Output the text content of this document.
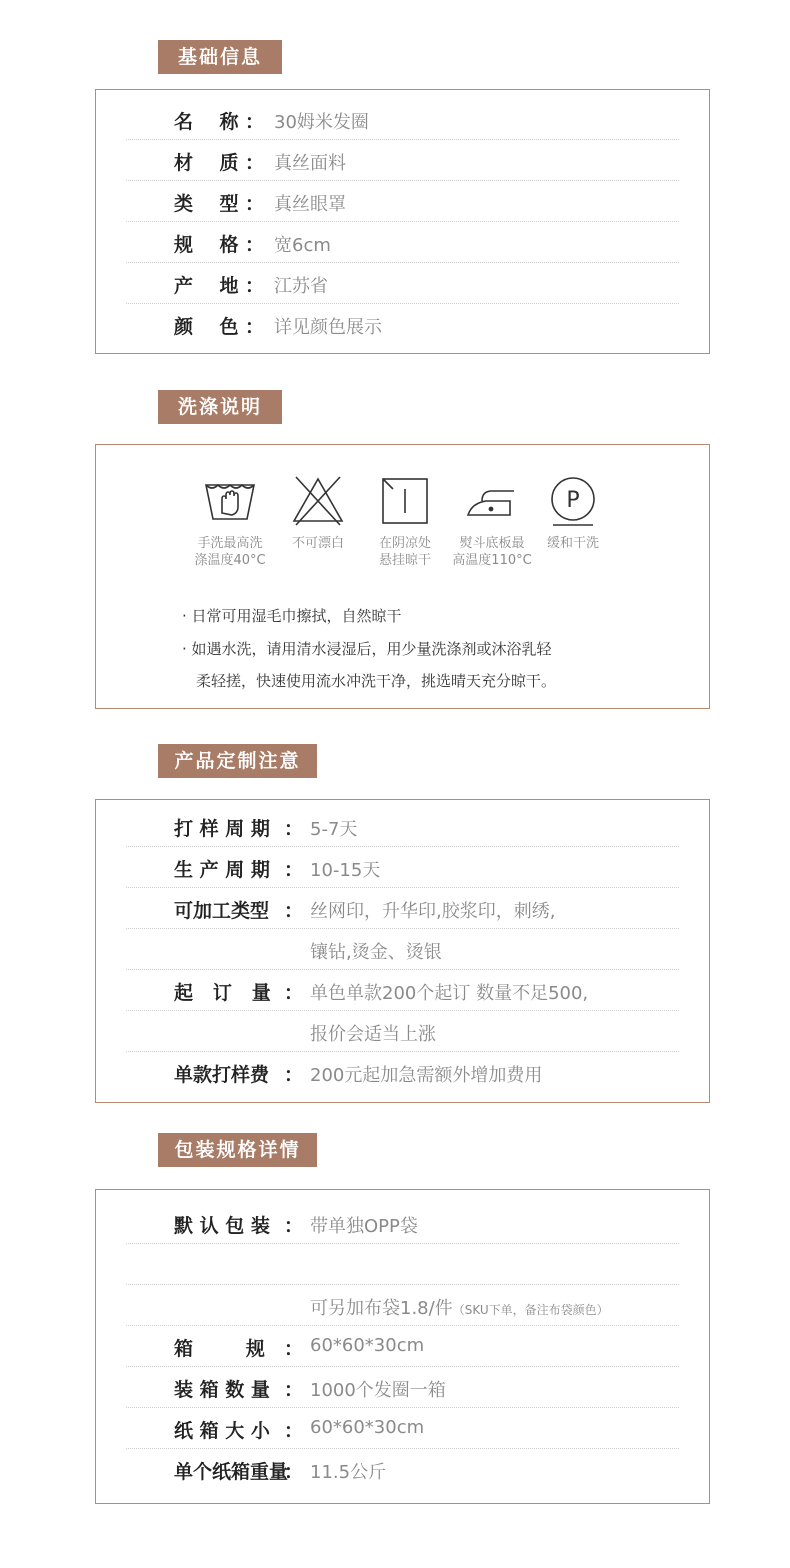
基础信息
名    称 ： 30姆米发圈
材    质 ： 真丝面料
类    型 ： 真丝眼罩
规    格 ： 宽6cm
产    地 ： 江苏省
颜    色 ： 详见颜色展示
洗涤说明
手洗最高洗
涤温度40°C
不可漂白	在阴凉处
悬挂晾干
熨斗底板最
高温度110°C
P
缓和干洗
· 日常可用湿毛巾擦拭，自然晾干
· 如遇水洗，请用清水浸湿后，用少量洗涤剂或沐浴乳轻
柔轻搓，快速使用流水冲洗干净，挑选晴天充分晾干。
产品定制注意
打 样 周 期 ： 5-7天
生 产 周 期 ： 10-15天
可加工类型 ： 丝网印，升华印,胶浆印，刺绣,
镶钻,烫金、烫银
起   订   量 ： 单色单款200个起订 数量不足500,
报价会适当上涨
单款打样费 ： 200元起加急需额外增加费用
包装规格详情
默 认 包 装 ： 带单独OPP袋
可另加布袋1.8/件（SKU下单，备注布袋颜色）
箱        规 ： 60*60*30cm
装 箱 数 量 ： 1000个发圈一箱
纸 箱 大 小 ： 60*60*30cm
单个纸箱重量
： 11.5公斤
